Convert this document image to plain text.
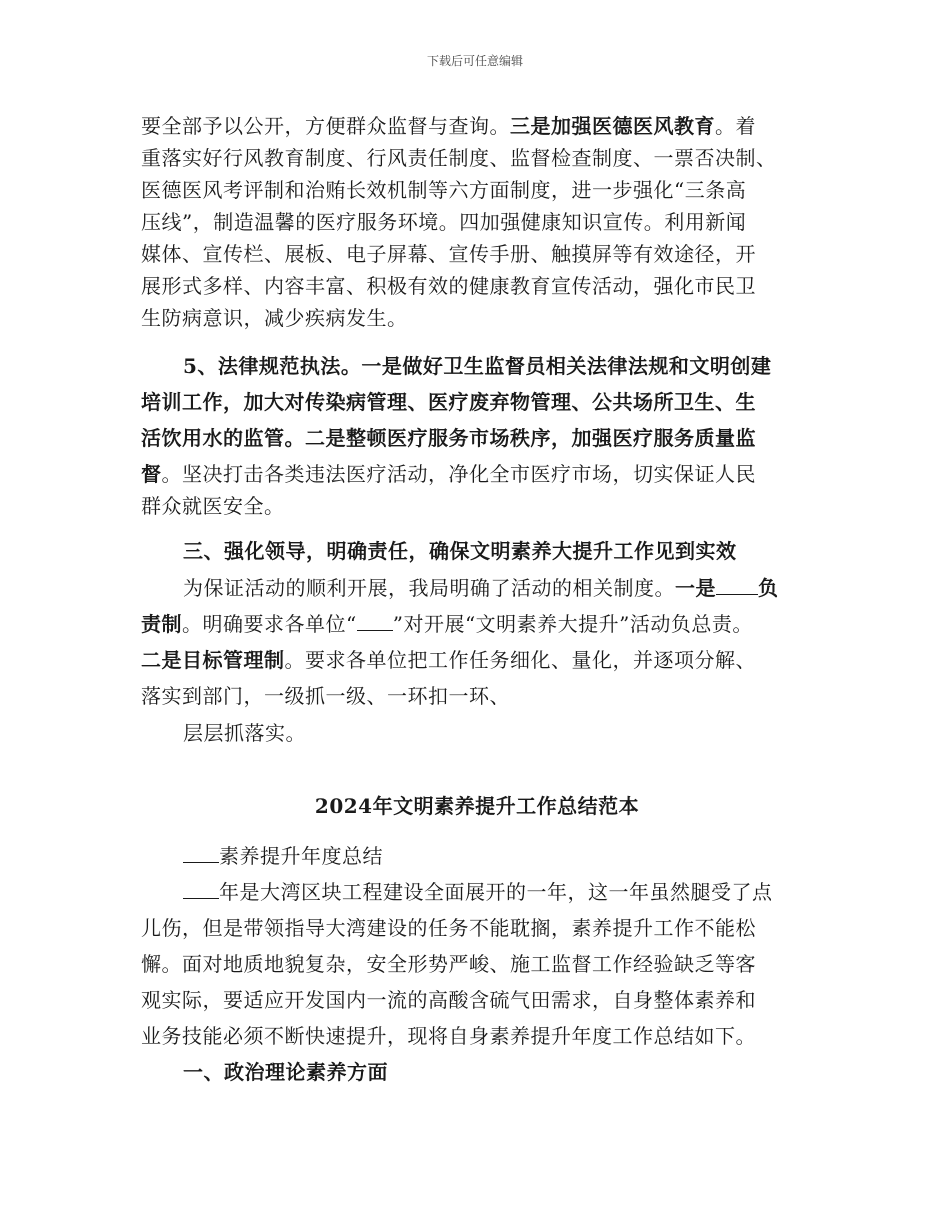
下载后可任意编辑
要全部予以公开，方便群众监督与查询。三是加强医德医风教育。着
重落实好行风教育制度、行风责任制度、监督检查制度、一票否决制、
医德医风考评制和治贿长效机制等六方面制度，进一步强化“三条高
压线”，制造温馨的医疗服务环境。四加强健康知识宣传。利用新闻
媒体、宣传栏、展板、电子屏幕、宣传手册、触摸屏等有效途径，开
展形式多样、内容丰富、积极有效的健康教育宣传活动，强化市民卫
生防病意识，减少疾病发生。
5、法律规范执法。一是做好卫生监督员相关法律法规和文明创建
培训工作，加大对传染病管理、医疗废弃物管理、公共场所卫生、生
活饮用水的监管。二是整顿医疗服务市场秩序，加强医疗服务质量监
督。坚决打击各类违法医疗活动，净化全市医疗市场，切实保证人民
群众就医安全。
三、强化领导，明确责任，确保文明素养大提升工作见到实效
为保证活动的顺利开展，我局明确了活动的相关制度。一是 负
责制。明确要求各单位“ ”对开展“文明素养大提升”活动负总责。
二是目标管理制。要求各单位把工作任务细化、量化，并逐项分解、
落实到部门，一级抓一级、一环扣一环、
层层抓落实。
2024年文明素养提升工作总结范本
素养提升年度总结
年是大湾区块工程建设全面展开的一年，这一年虽然腿受了点
儿伤，但是带领指导大湾建设的任务不能耽搁，素养提升工作不能松
懈。面对地质地貌复杂，安全形势严峻、施工监督工作经验缺乏等客
观实际，要适应开发国内一流的高酸含硫气田需求，自身整体素养和
业务技能必须不断快速提升，现将自身素养提升年度工作总结如下。
一、政治理论素养方面
